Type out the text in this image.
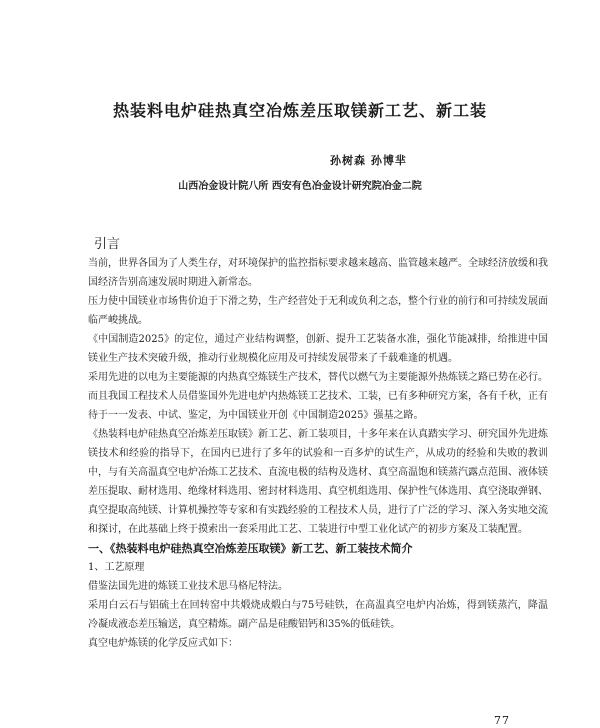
热装料电炉硅热真空冶炼差压取镁新工艺、新工装
孙树森 孙博芈
山西冶金设计院八所 西安有色冶金设计研究院冶金二院
引言

当前，世界各国为了人类生存，对环境保护的监控指标要求越来越高、监管越来越严。全球经济放缓和我国经济告别高速发展时期进入新常态。

压力使中国镁业市场售价迫于下滑之势，生产经营处于无利或负利之态，整个行业的前行和可持续发展面临严峻挑战。

《中国制造2025》的定位，通过产业结构调整，创新、提升工艺装备水准，强化节能减排，给推进中国镁业生产技术突破升级，推动行业规模化应用及可持续发展带来了千载难逢的机遇。

采用先进的以电为主要能源的内热真空炼镁生产技术，替代以燃气为主要能源外热炼镁之路已势在必行。而且我国工程技术人员借鉴国外先进电炉内热炼镁工艺技术、工装，已有多种研究方案，各有千秋，正有待于一一发表、中试、鉴定，为中国镁业开创《中国制造2025》强基之路。

《热装料电炉硅热真空冶炼差压取镁》新工艺、新工装项目，十多年来在认真踏实学习、研究国外先进炼镁技术和经验的指导下，在国内已进行了多年的试验和一百多炉的试生产，从成功的经验和失败的教训中，与有关高温真空电炉冶炼工艺技术、直流电极的结构及选材、真空高温饱和镁蒸汽露点范围、液体镁差压提取、耐材选用、绝缘材料选用、密封材料选用、真空机组选用、保护性气体选用、真空浇取弹钢、真空提取高纯镁、计算机操控等专家和有实践经验的工程技术人员，进行了广泛的学习、深入务实地交流和探讨，在此基础上终于摸索出一套采用此工艺、工装进行中型工业化试产的初步方案及工装配置。

一、《热装料电炉硅热真空冶炼差压取镁》新工艺、新工装技术简介

1、工艺原理

借鉴法国先进的炼镁工业技术思马格尼特法。

采用白云石与铝硫土在回转窑中共煅烧成煅白与75号硅铁，在高温真空电炉内冶炼，得到镁蒸汽，降温冷凝成液态差压输送，真空精炼。副产品是硅酸铝钙和35%的低硅铁。

真空电炉炼镁的化学反应式如下：

77
